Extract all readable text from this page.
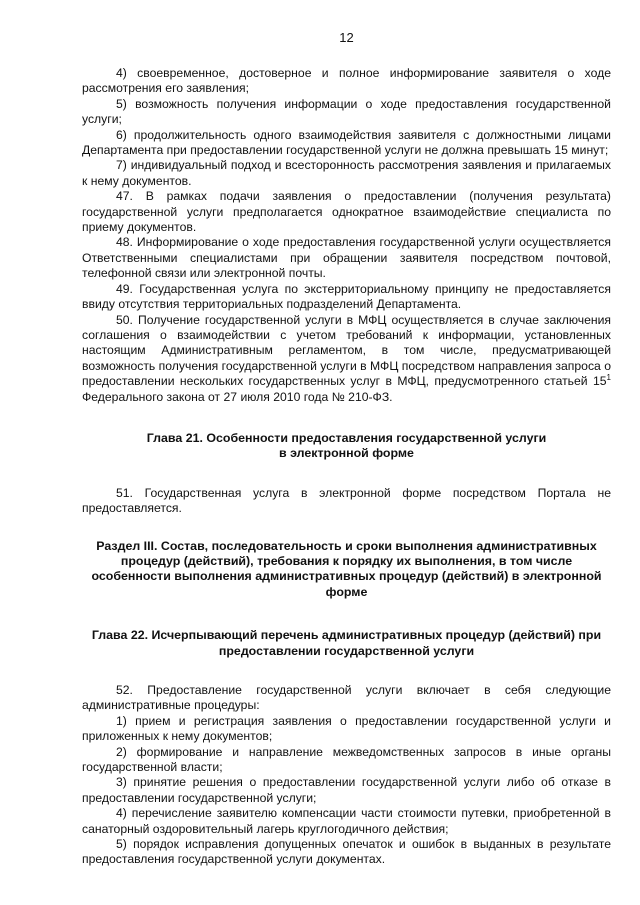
12

4) своевременное, достоверное и полное информирование заявителя о ходе рассмотрения его заявления;

5) возможность получения информации о ходе предоставления государственной услуги;

6) продолжительность одного взаимодействия заявителя с должностными лицами Департамента при предоставлении государственной услуги не должна превышать 15 минут;

7) индивидуальный подход и всесторонность рассмотрения заявления и прилагаемых к нему документов.

47. В рамках подачи заявления о предоставлении (получения результата) государственной услуги предполагается однократное взаимодействие специалиста по приему документов.

48. Информирование о ходе предоставления государственной услуги осуществляется Ответственными специалистами при обращении заявителя посредством почтовой, телефонной связи или электронной почты.

49. Государственная услуга по экстерриториальному принципу не предоставляется ввиду отсутствия территориальных подразделений Департамента.

50. Получение государственной услуги в МФЦ осуществляется в случае заключения соглашения о взаимодействии с учетом требований к информации, установленных настоящим Административным регламентом, в том числе, предусматривающей возможность получения государственной услуги в МФЦ посредством направления запроса о предоставлении нескольких государственных услуг в МФЦ, предусмотренного статьей $15^1$ Федерального закона от 27 июля 2010 года № 210-ФЗ.

Глава 21. Особенности предоставления государственной услуги
в электронной форме

51. Государственная услуга в электронной форме посредством Портала не предоставляется.

Раздел III. Состав, последовательность и сроки выполнения административных процедур (действий), требования к порядку их выполнения, в том числе особенности выполнения административных процедур (действий) в электронной форме

Глава 22. Исчерпывающий перечень административных процедур (действий) при предоставлении государственной услуги

52. Предоставление государственной услуги включает в себя следующие административные процедуры:

1) прием и регистрация заявления о предоставлении государственной услуги и приложенных к нему документов;

2) формирование и направление межведомственных запросов в иные органы государственной власти;

3) принятие решения о предоставлении государственной услуги либо об отказе в предоставлении государственной услуги;

4) перечисление заявителю компенсации части стоимости путевки, приобретенной в санаторный оздоровительный лагерь круглогодичного действия;

5) порядок исправления допущенных опечаток и ошибок в выданных в результате предоставления государственной услуги документах.
